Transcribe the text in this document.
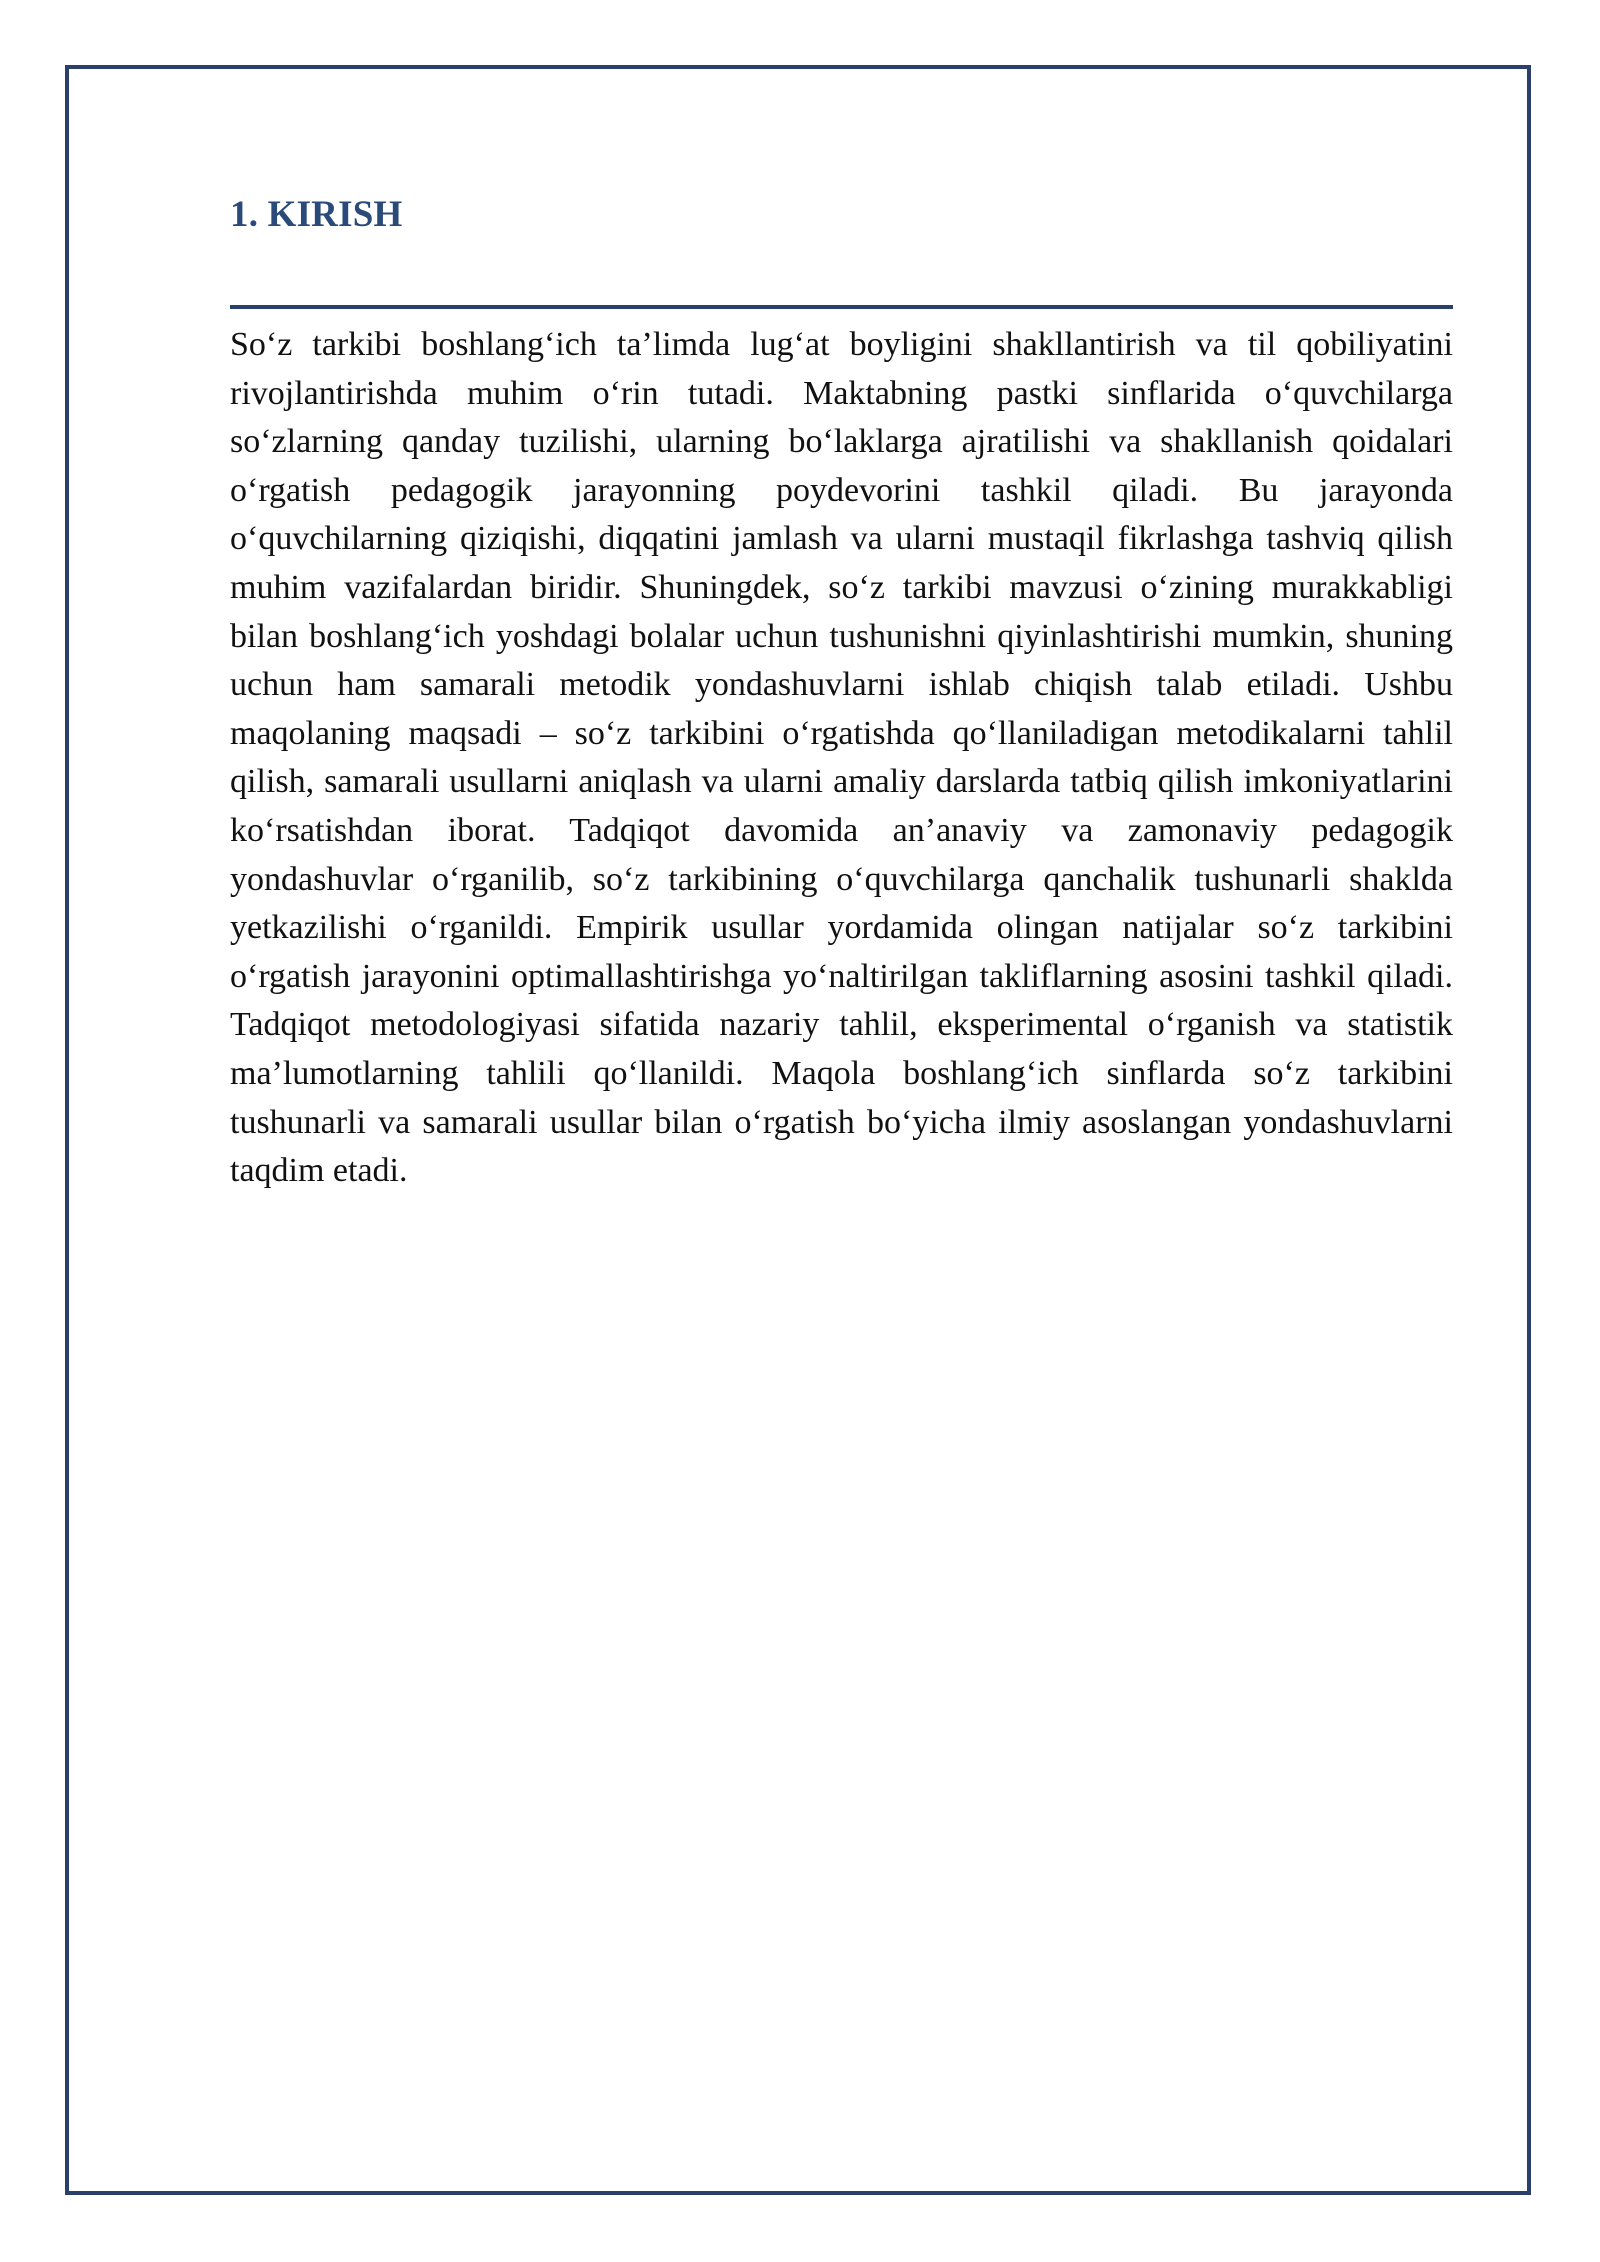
1. KIRISH

So‘z tarkibi boshlang‘ich ta’limda lug‘at boyligini shakllantirish va til qobiliyatini rivojlantirishda muhim o‘rin tutadi. Maktabning pastki sinflarida o‘quvchilarga so‘zlarning qanday tuzilishi, ularning bo‘laklarga ajratilishi va shakllanish qoidalari o‘rgatish pedagogik jarayonning poydevorini tashkil qiladi. Bu jarayonda o‘quvchilarning qiziqishi, diqqatini jamlash va ularni mustaqil fikrlashga tashviq qilish muhim vazifalardan biridir. Shuningdek, so‘z tarkibi mavzusi o‘zining murakkabligi bilan boshlang‘ich yoshdagi bolalar uchun tushunishni qiyinlashtirishi mumkin, shuning uchun ham samarali metodik yondashuvlarni ishlab chiqish talab etiladi. Ushbu maqolaning maqsadi – so‘z tarkibini o‘rgatishda qo‘llaniladigan metodikalarni tahlil qilish, samarali usullarni aniqlash va ularni amaliy darslarda tatbiq qilish imkoniyatlarini ko‘rsatishdan iborat. Tadqiqot davomida an’anaviy va zamonaviy pedagogik yondashuvlar o‘rganilib, so‘z tarkibining o‘quvchilarga qanchalik tushunarli shaklda yetkazilishi o‘rganildi. Empirik usullar yordamida olingan natijalar so‘z tarkibini o‘rgatish jarayonini optimallashtirishga yo‘naltirilgan takliflarning asosini tashkil qiladi. Tadqiqot metodologiyasi sifatida nazariy tahlil, eksperimental o‘rganish va statistik ma’lumotlarning tahlili qo‘llanildi. Maqola boshlang‘ich sinflarda so‘z tarkibini tushunarli va samarali usullar bilan o‘rgatish bo‘yicha ilmiy asoslangan yondashuvlarni taqdim etadi.
